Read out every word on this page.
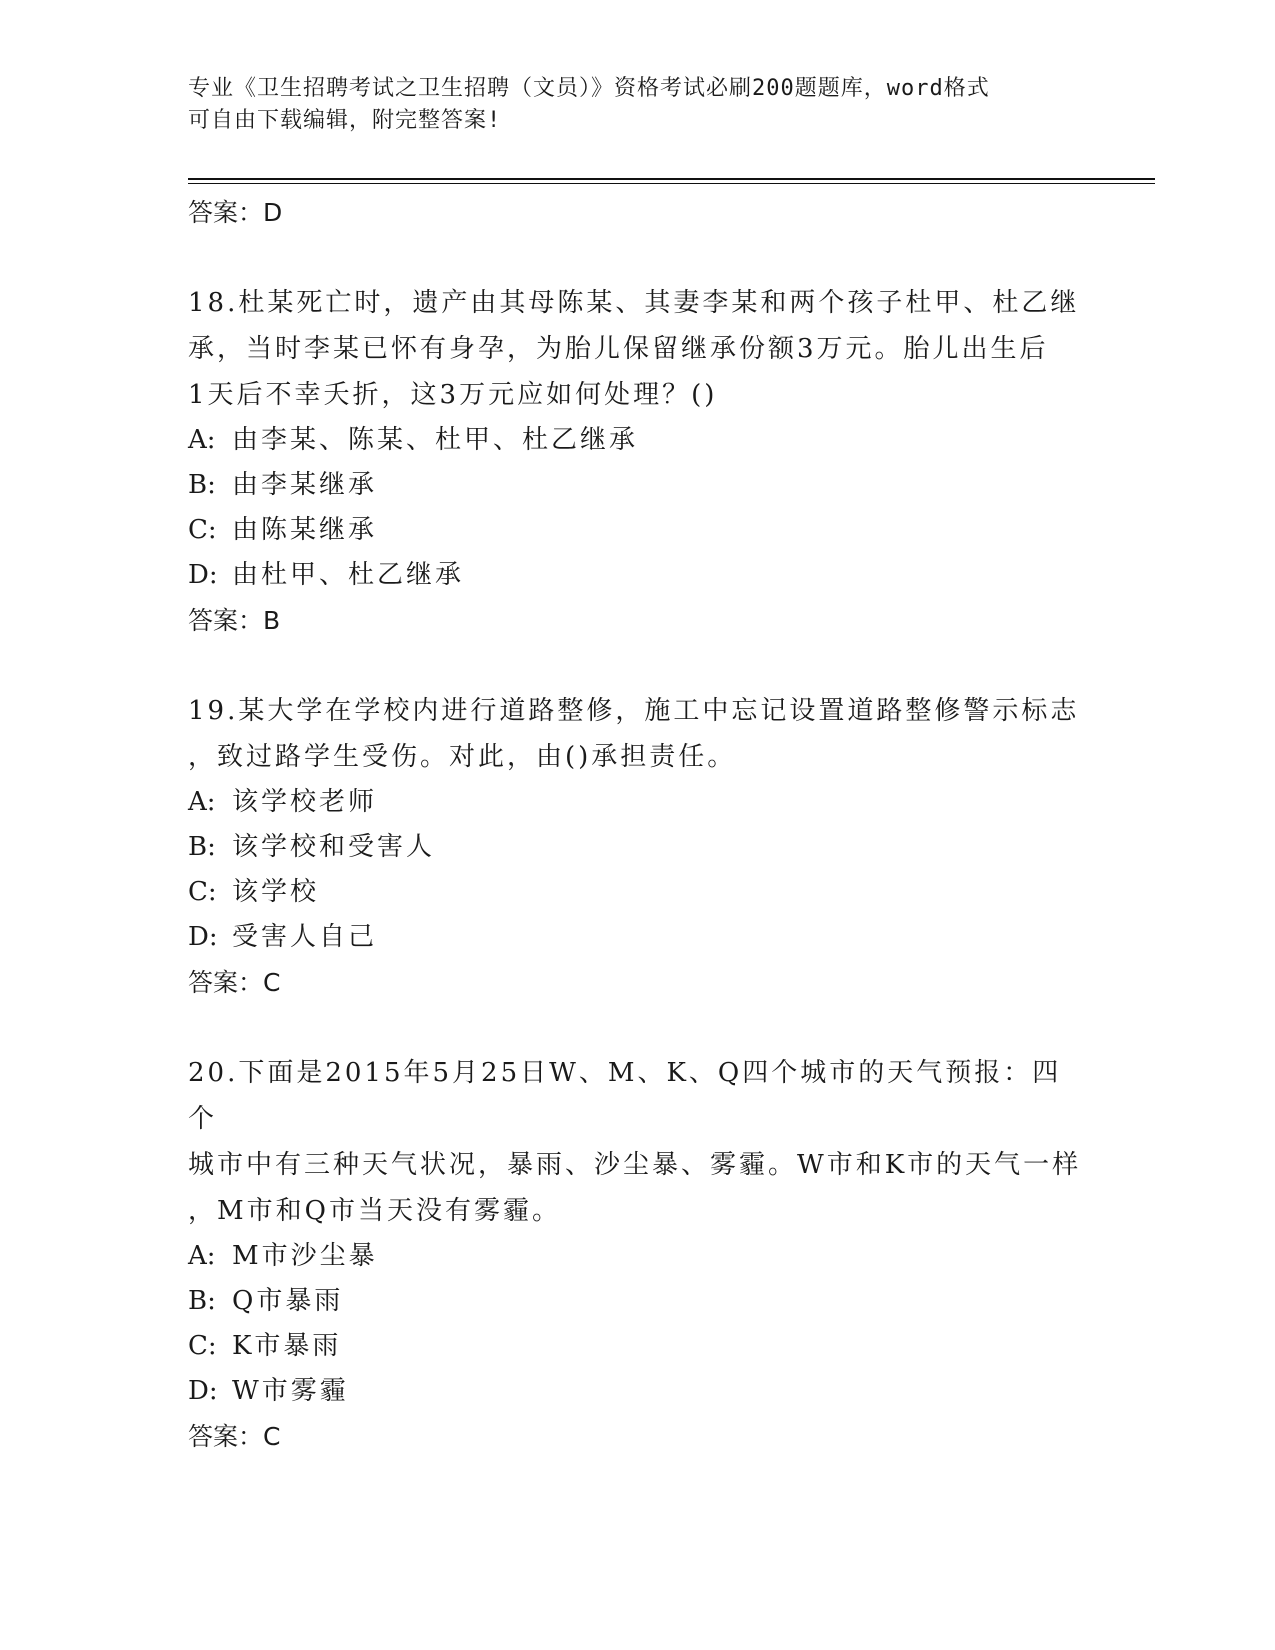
专业《卫生招聘考试之卫生招聘（文员）》资格考试必刷200题题库，word格式
可自由下载编辑，附完整答案!

答案：D

18.杜某死亡时，遗产由其母陈某、其妻李某和两个孩子杜甲、杜乙继

承，当时李某已怀有身孕，为胎儿保留继承份额3万元。胎儿出生后

1天后不幸夭折，这3万元应如何处理？()

A: 由李某、陈某、杜甲、杜乙继承

B: 由李某继承

C: 由陈某继承

D: 由杜甲、杜乙继承

答案：B

19.某大学在学校内进行道路整修，施工中忘记设置道路整修警示标志

，致过路学生受伤。对此，由()承担责任。

A: 该学校老师

B: 该学校和受害人

C: 该学校

D: 受害人自己

答案：C

20.下面是2015年5月25日W、M、K、Q四个城市的天气预报：四个

城市中有三种天气状况，暴雨、沙尘暴、雾霾。W市和K市的天气一样

，M市和Q市当天没有雾霾。

A: M市沙尘暴

B: Q市暴雨

C: K市暴雨

D: W市雾霾

答案：C
